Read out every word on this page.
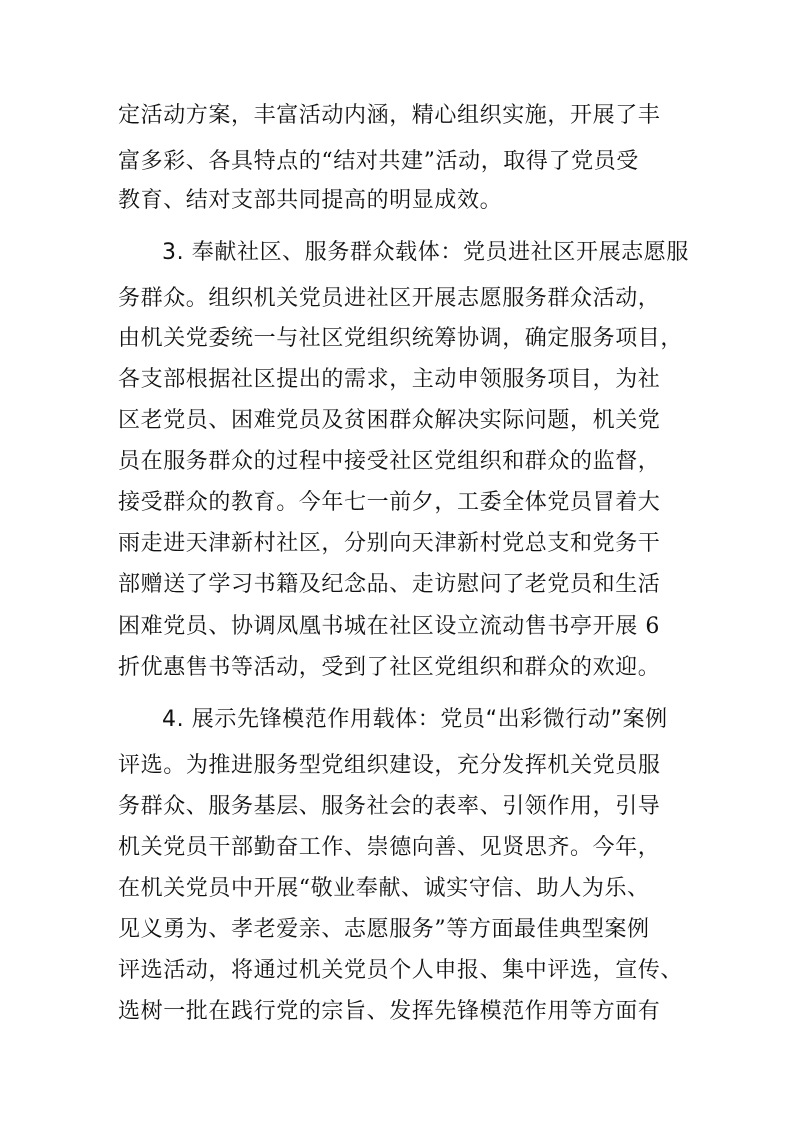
定活动方案，丰富活动内涵，精心组织实施，开展了丰
富多彩、各具特点的“结对共建”活动，取得了党员受
教育、结对支部共同提高的明显成效。
3. 奉献社区、服务群众载体：党员进社区开展志愿服
务群众。组织机关党员进社区开展志愿服务群众活动，
由机关党委统一与社区党组织统筹协调，确定服务项目，
各支部根据社区提出的需求，主动申领服务项目，为社
区老党员、困难党员及贫困群众解决实际问题，机关党
员在服务群众的过程中接受社区党组织和群众的监督，
接受群众的教育。今年七一前夕，工委全体党员冒着大
雨走进天津新村社区，分别向天津新村党总支和党务干
部赠送了学习书籍及纪念品、走访慰问了老党员和生活
困难党员、协调凤凰书城在社区设立流动售书亭开展 6
折优惠售书等活动，受到了社区党组织和群众的欢迎。
4. 展示先锋模范作用载体：党员“出彩微行动”案例
评选。为推进服务型党组织建设，充分发挥机关党员服
务群众、服务基层、服务社会的表率、引领作用，引导
机关党员干部勤奋工作、崇德向善、见贤思齐。今年，
在机关党员中开展“敬业奉献、诚实守信、助人为乐、
见义勇为、孝老爱亲、志愿服务”等方面最佳典型案例
评选活动，将通过机关党员个人申报、集中评选，宣传、
选树一批在践行党的宗旨、发挥先锋模范作用等方面有
